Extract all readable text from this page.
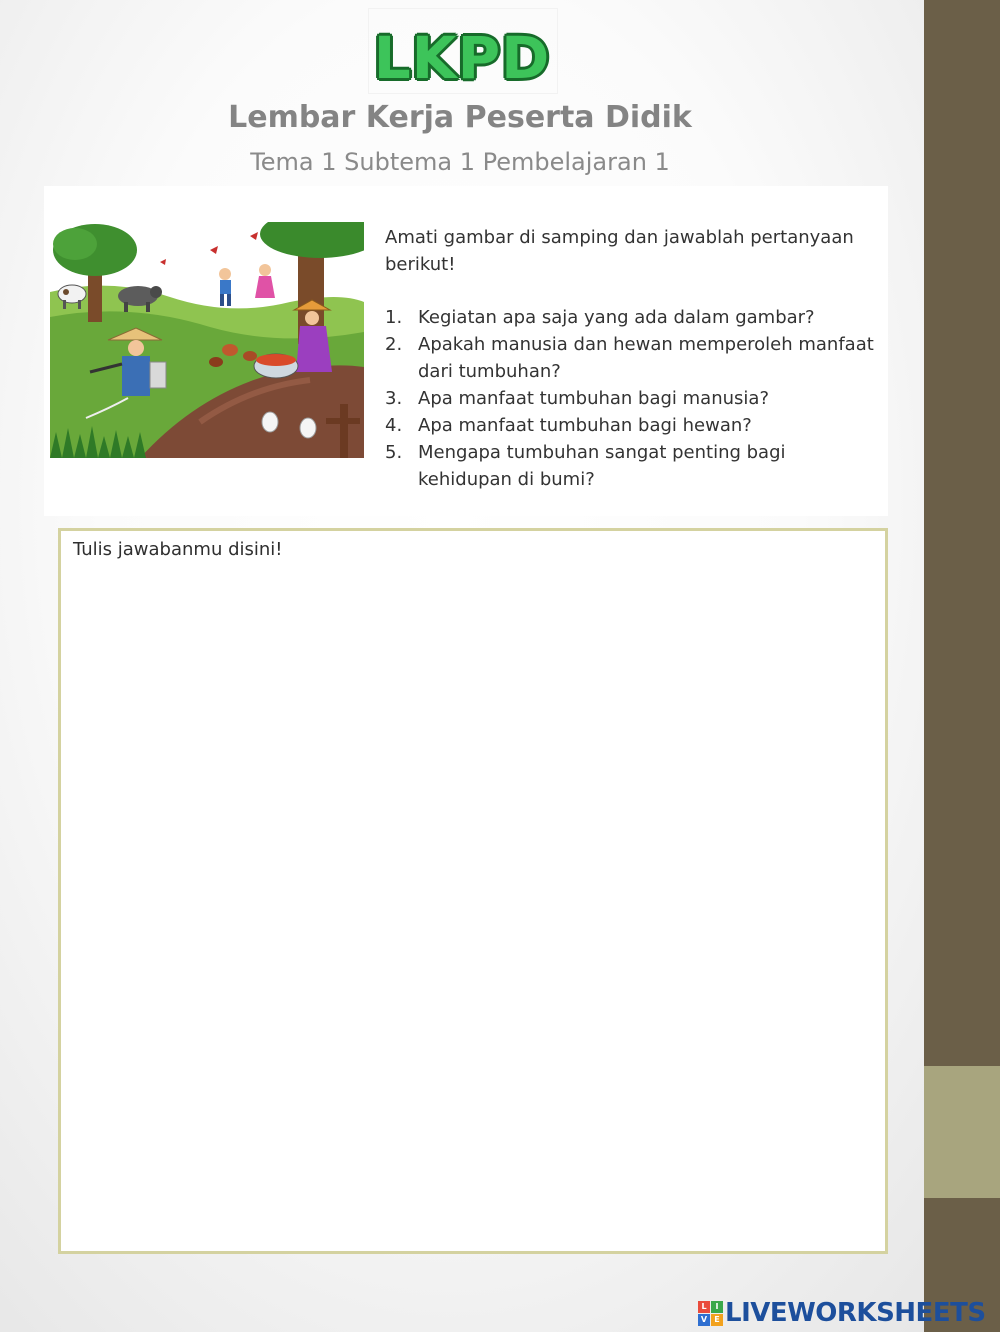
LKPD
Lembar Kerja Peserta Didik
Tema 1 Subtema 1 Pembelajaran 1

Amati gambar di samping dan jawablah pertanyaan berikut!

1. Kegiatan apa saja yang ada dalam gambar?
2. Apakah manusia dan hewan memperoleh manfaat dari tumbuhan?
3. Apa manfaat tumbuhan bagi manusia?
4. Apa manfaat tumbuhan bagi hewan?
5. Mengapa tumbuhan sangat penting bagi kehidupan di bumi?
Tulis jawabanmu disini!
L	I
V E LIVEWORKSHEETS
